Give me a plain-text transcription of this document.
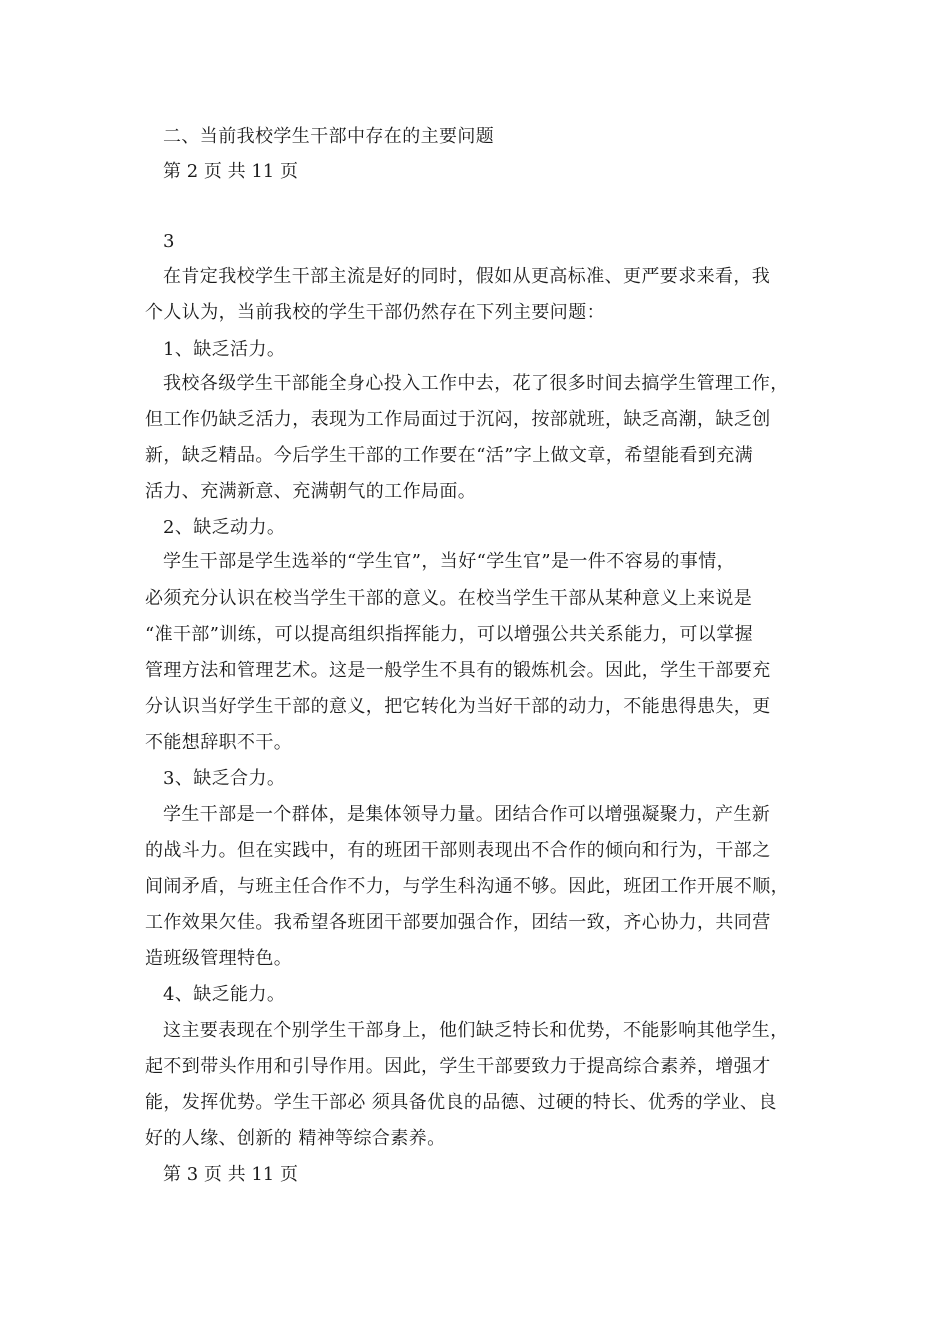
二、当前我校学生干部中存在的主要问题
第 2 页 共 11 页
3
在肯定我校学生干部主流是好的同时，假如从更高标准、更严要求来看，我
个人认为，当前我校的学生干部仍然存在下列主要问题：
1、缺乏活力。
我校各级学生干部能全身心投入工作中去，花了很多时间去搞学生管理工作，
但工作仍缺乏活力，表现为工作局面过于沉闷，按部就班，缺乏高潮，缺乏创
新，缺乏精品。今后学生干部的工作要在“活”字上做文章，希望能看到充满
活力、充满新意、充满朝气的工作局面。
2、缺乏动力。
学生干部是学生选举的“学生官”，当好“学生官”是一件不容易的事情，
必须充分认识在校当学生干部的意义。在校当学生干部从某种意义上来说是
“准干部”训练，可以提高组织指挥能力，可以增强公共关系能力，可以掌握
管理方法和管理艺术。这是一般学生不具有的锻炼机会。因此，学生干部要充
分认识当好学生干部的意义，把它转化为当好干部的动力，不能患得患失，更
不能想辞职不干。
3、缺乏合力。
学生干部是一个群体，是集体领导力量。团结合作可以增强凝聚力，产生新
的战斗力。但在实践中，有的班团干部则表现出不合作的倾向和行为，干部之
间闹矛盾，与班主任合作不力，与学生科沟通不够。因此，班团工作开展不顺，
工作效果欠佳。我希望各班团干部要加强合作，团结一致，齐心协力，共同营
造班级管理特色。
4、缺乏能力。
这主要表现在个别学生干部身上，他们缺乏特长和优势，不能影响其他学生，
起不到带头作用和引导作用。因此，学生干部要致力于提高综合素养，增强才
能，发挥优势。学生干部必 须具备优良的品德、过硬的特长、优秀的学业、良
好的人缘、创新的 精神等综合素养。
第 3 页 共 11 页
